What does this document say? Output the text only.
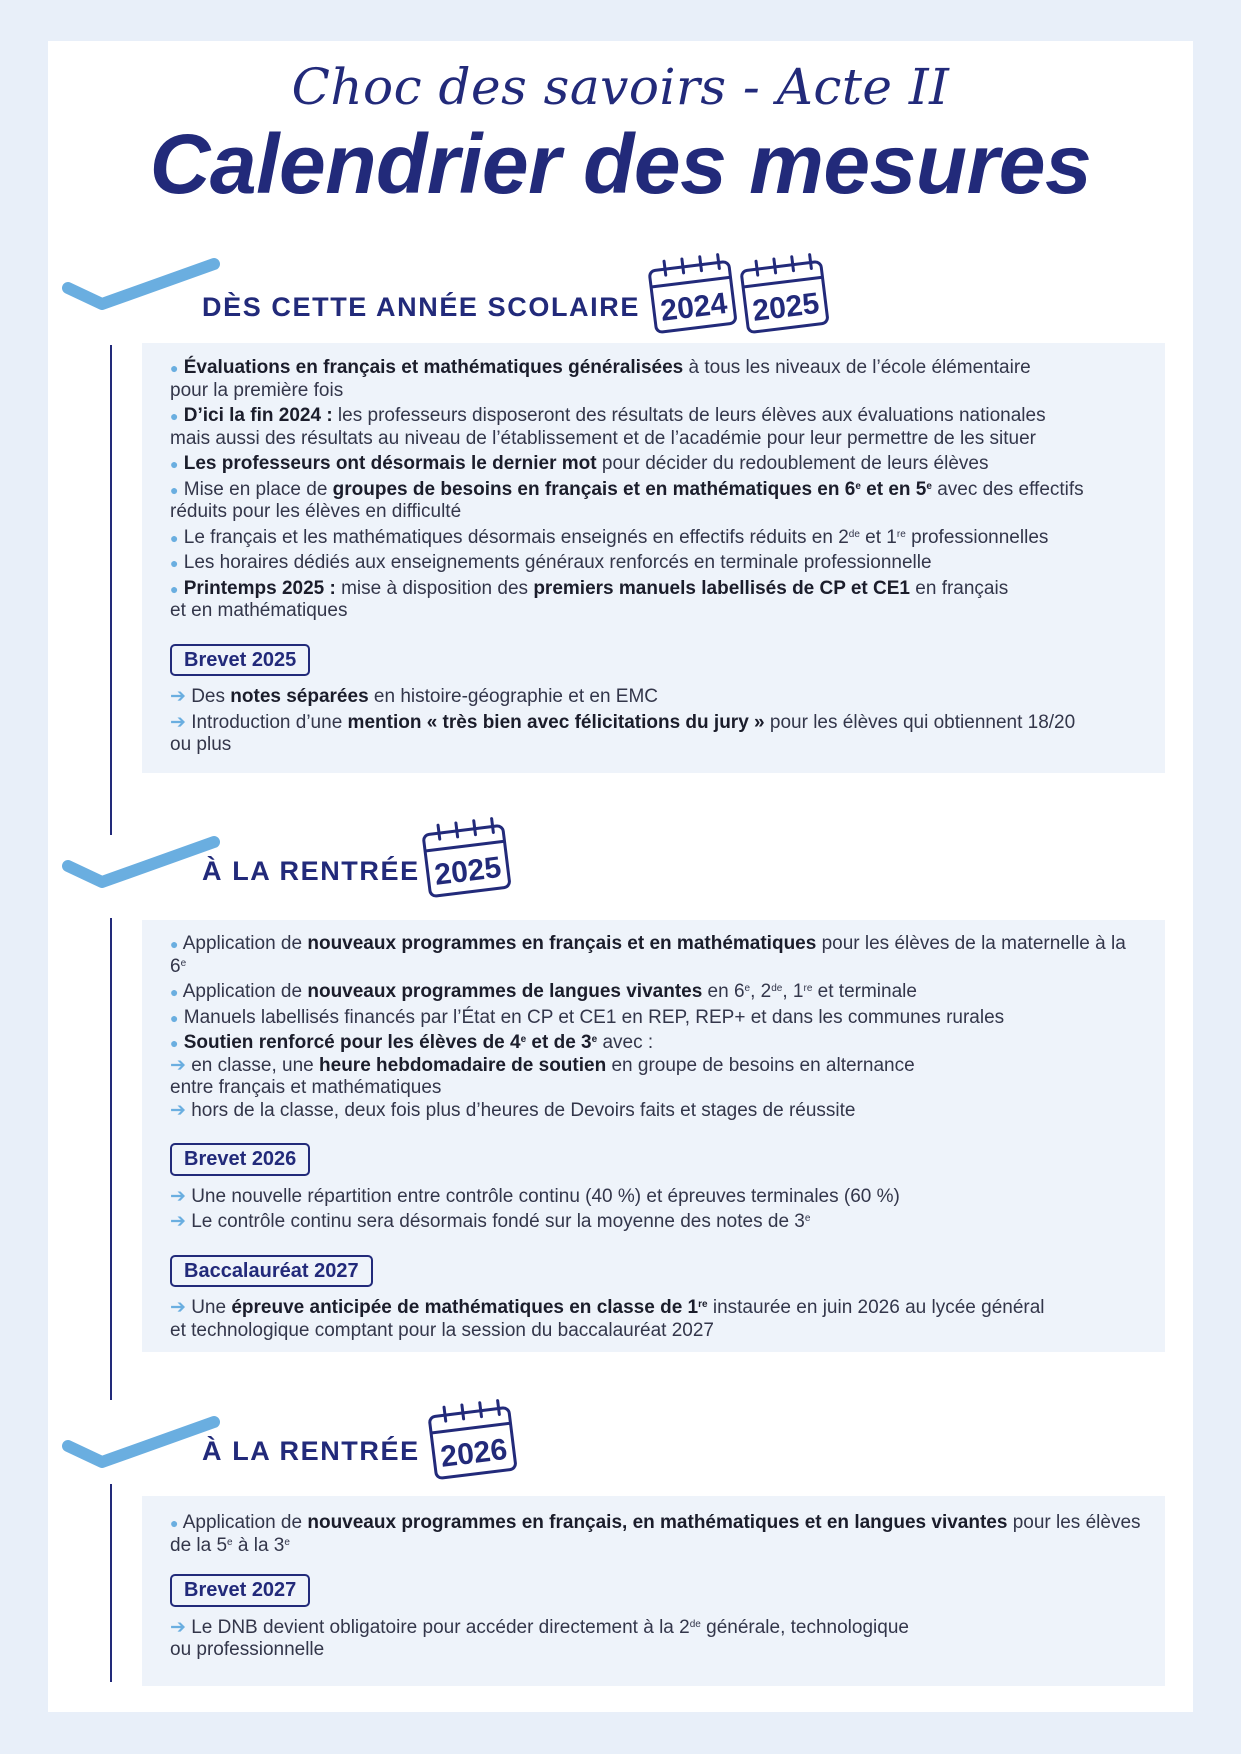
Choc des savoirs - Acte II
Calendrier des mesures
DÈS CETTE ANNÉE SCOLAIRE 2024 2025

● Évaluations en français et mathématiques généralisées à tous les niveaux de l’école élémentaire
pour la première fois

● D’ici la fin 2024 : les professeurs disposeront des résultats de leurs élèves aux évaluations nationales
mais aussi des résultats au niveau de l’établissement et de l’académie pour leur permettre de les situer

● Les professeurs ont désormais le dernier mot pour décider du redoublement de leurs élèves

● Mise en place de groupes de besoins en français et en mathématiques en 6e et en 5e avec des effectifs
réduits pour les élèves en difficulté

● Le français et les mathématiques désormais enseignés en effectifs réduits en 2de et 1re professionnelles

● Les horaires dédiés aux enseignements généraux renforcés en terminale professionnelle

● Printemps 2025 : mise à disposition des premiers manuels labellisés de CP et CE1 en français
et en mathématiques

Brevet 2025

➔ Des notes séparées en histoire-géographie et en EMC

➔ Introduction d’une mention « très bien avec félicitations du jury » pour les élèves qui obtiennent 18/20
ou plus

À LA RENTRÉE 2025

● Application de nouveaux programmes en français et en mathématiques pour les élèves de la maternelle à la 6e

● Application de nouveaux programmes de langues vivantes en 6e, 2de, 1re et terminale

● Manuels labellisés financés par l’État en CP et CE1 en REP, REP+ et dans les communes rurales

● Soutien renforcé pour les élèves de 4e et de 3e avec :

➔ en classe, une heure hebdomadaire de soutien en groupe de besoins en alternance
entre français et mathématiques

➔ hors de la classe, deux fois plus d’heures de Devoirs faits et stages de réussite

Brevet 2026

➔ Une nouvelle répartition entre contrôle continu (40 %) et épreuves terminales (60 %)

➔ Le contrôle continu sera désormais fondé sur la moyenne des notes de 3e

Baccalauréat 2027

➔ Une épreuve anticipée de mathématiques en classe de 1re instaurée en juin 2026 au lycée général
et technologique comptant pour la session du baccalauréat 2027

À LA RENTRÉE 2026

● Application de nouveaux programmes en français, en mathématiques et en langues vivantes pour les élèves
de la 5e à la 3e

Brevet 2027

➔ Le DNB devient obligatoire pour accéder directement à la 2de générale, technologique
ou professionnelle
